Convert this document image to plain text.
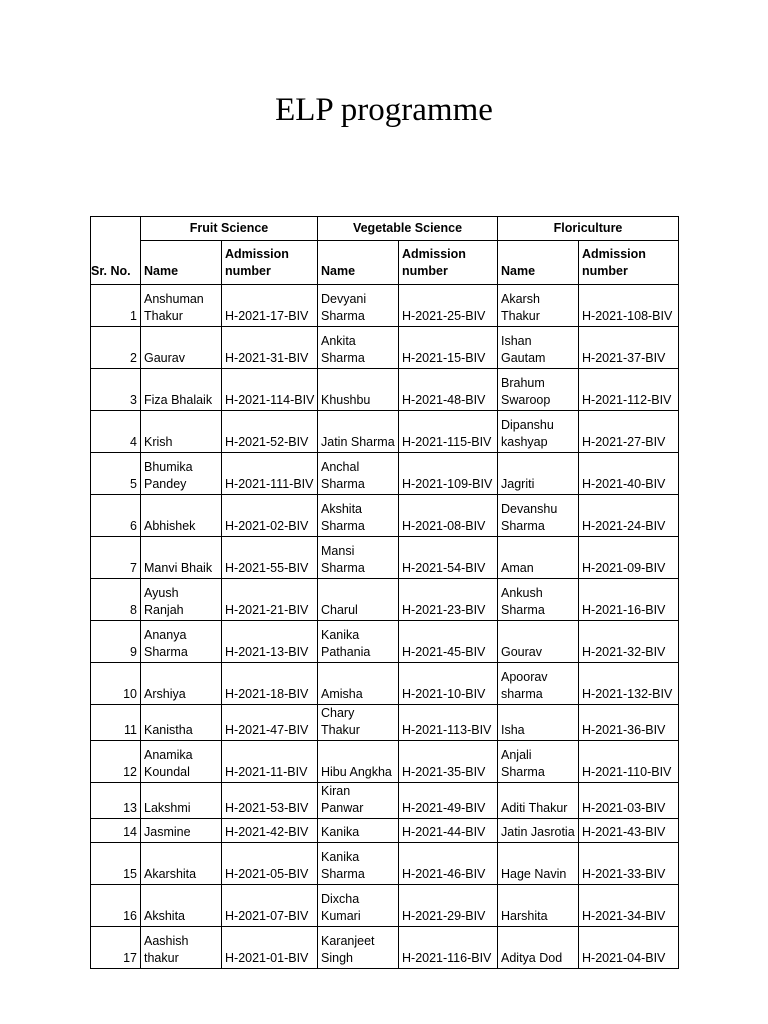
ELP programme
Sr. No.	Fruit Science		Vegetable Science		Floriculture	
	Name	Admission number	Name	Admission number	Name	Admission number
1	Anshuman Thakur	H-2021-17-BIV	Devyani Sharma	H-2021-25-BIV	Akarsh Thakur	H-2021-108-BIV
2	Gaurav	H-2021-31-BIV	Ankita Sharma	H-2021-15-BIV	Ishan Gautam	H-2021-37-BIV
3	Fiza Bhalaik	H-2021-114-BIV	Khushbu	H-2021-48-BIV	Brahum Swaroop	H-2021-112-BIV
4	Krish	H-2021-52-BIV	Jatin Sharma	H-2021-115-BIV	Dipanshu kashyap	H-2021-27-BIV
5	Bhumika Pandey	H-2021-111-BIV	Anchal Sharma	H-2021-109-BIV	Jagriti	H-2021-40-BIV
6	Abhishek	H-2021-02-BIV	Akshita Sharma	H-2021-08-BIV	Devanshu Sharma	H-2021-24-BIV
7	Manvi Bhaik	H-2021-55-BIV	Mansi Sharma	H-2021-54-BIV	Aman	H-2021-09-BIV
8	Ayush Ranjah	H-2021-21-BIV	Charul	H-2021-23-BIV	Ankush Sharma	H-2021-16-BIV
9	Ananya Sharma	H-2021-13-BIV	Kanika Pathania	H-2021-45-BIV	Gourav	H-2021-32-BIV
10	Arshiya	H-2021-18-BIV	Amisha	H-2021-10-BIV	Apoorav sharma	H-2021-132-BIV
11	Kanistha	H-2021-47-BIV	Chary Thakur	H-2021-113-BIV	Isha	H-2021-36-BIV
12	Anamika Koundal	H-2021-11-BIV	Hibu Angkha	H-2021-35-BIV	Anjali Sharma	H-2021-110-BIV
13	Lakshmi	H-2021-53-BIV	Kiran Panwar	H-2021-49-BIV	Aditi Thakur	H-2021-03-BIV
14	Jasmine	H-2021-42-BIV	Kanika	H-2021-44-BIV	Jatin Jasrotia	H-2021-43-BIV
15	Akarshita	H-2021-05-BIV	Kanika Sharma	H-2021-46-BIV	Hage Navin	H-2021-33-BIV
16	Akshita	H-2021-07-BIV	Dixcha Kumari	H-2021-29-BIV	Harshita	H-2021-34-BIV
17	Aashish thakur	H-2021-01-BIV	Karanjeet Singh	H-2021-116-BIV	Aditya Dod	H-2021-04-BIV
